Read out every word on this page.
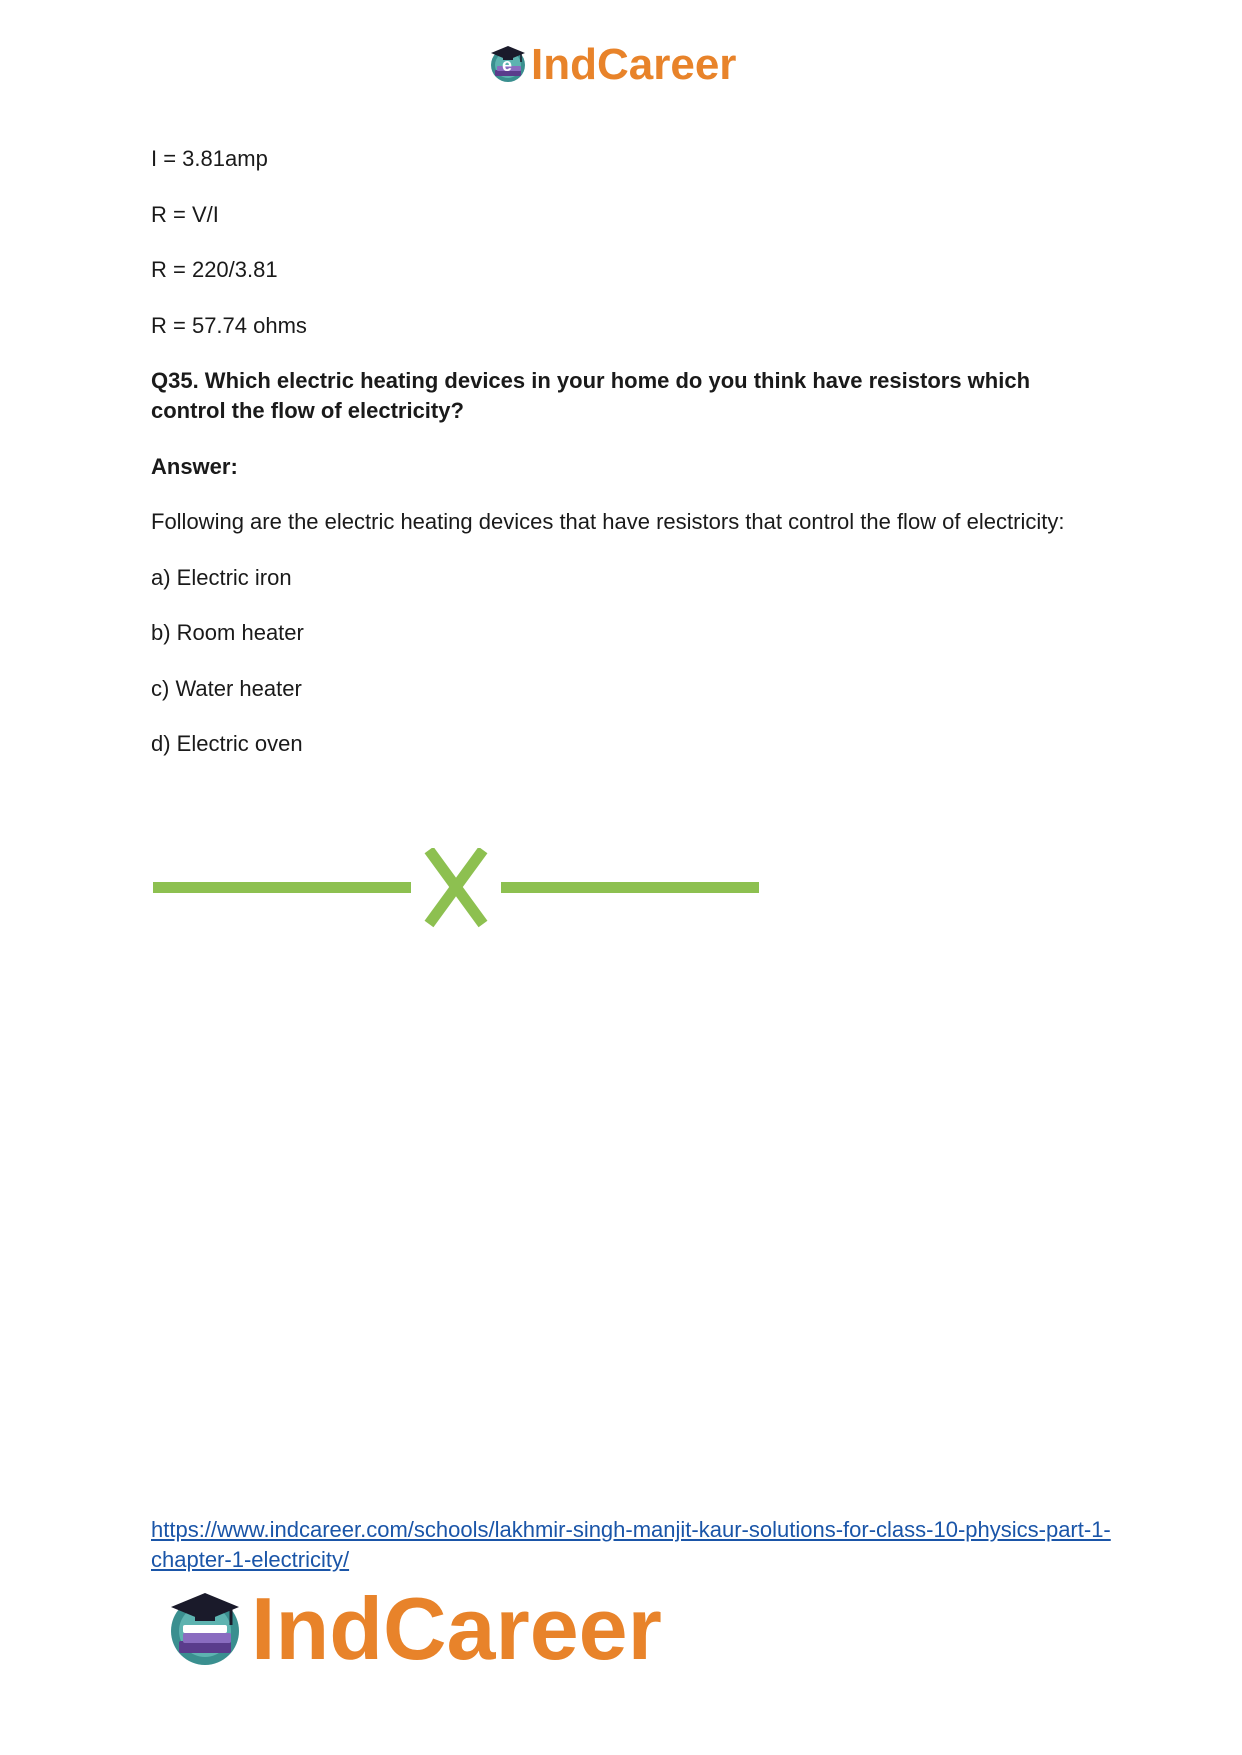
e IndCareer

I = 3.81amp

R = V/I

R = 220/3.81

R = 57.74 ohms

Q35. Which electric heating devices in your home do you think have resistors which control the flow of electricity?

Answer:

Following are the electric heating devices that have resistors that control the flow of electricity:

a) Electric iron

b) Room heater

c) Water heater

d) Electric oven

https://www.indcareer.com/schools/lakhmir-singh-manjit-kaur-solutions-for-class-10-physics-part-1-chapter-1-electricity/
IndCareer
